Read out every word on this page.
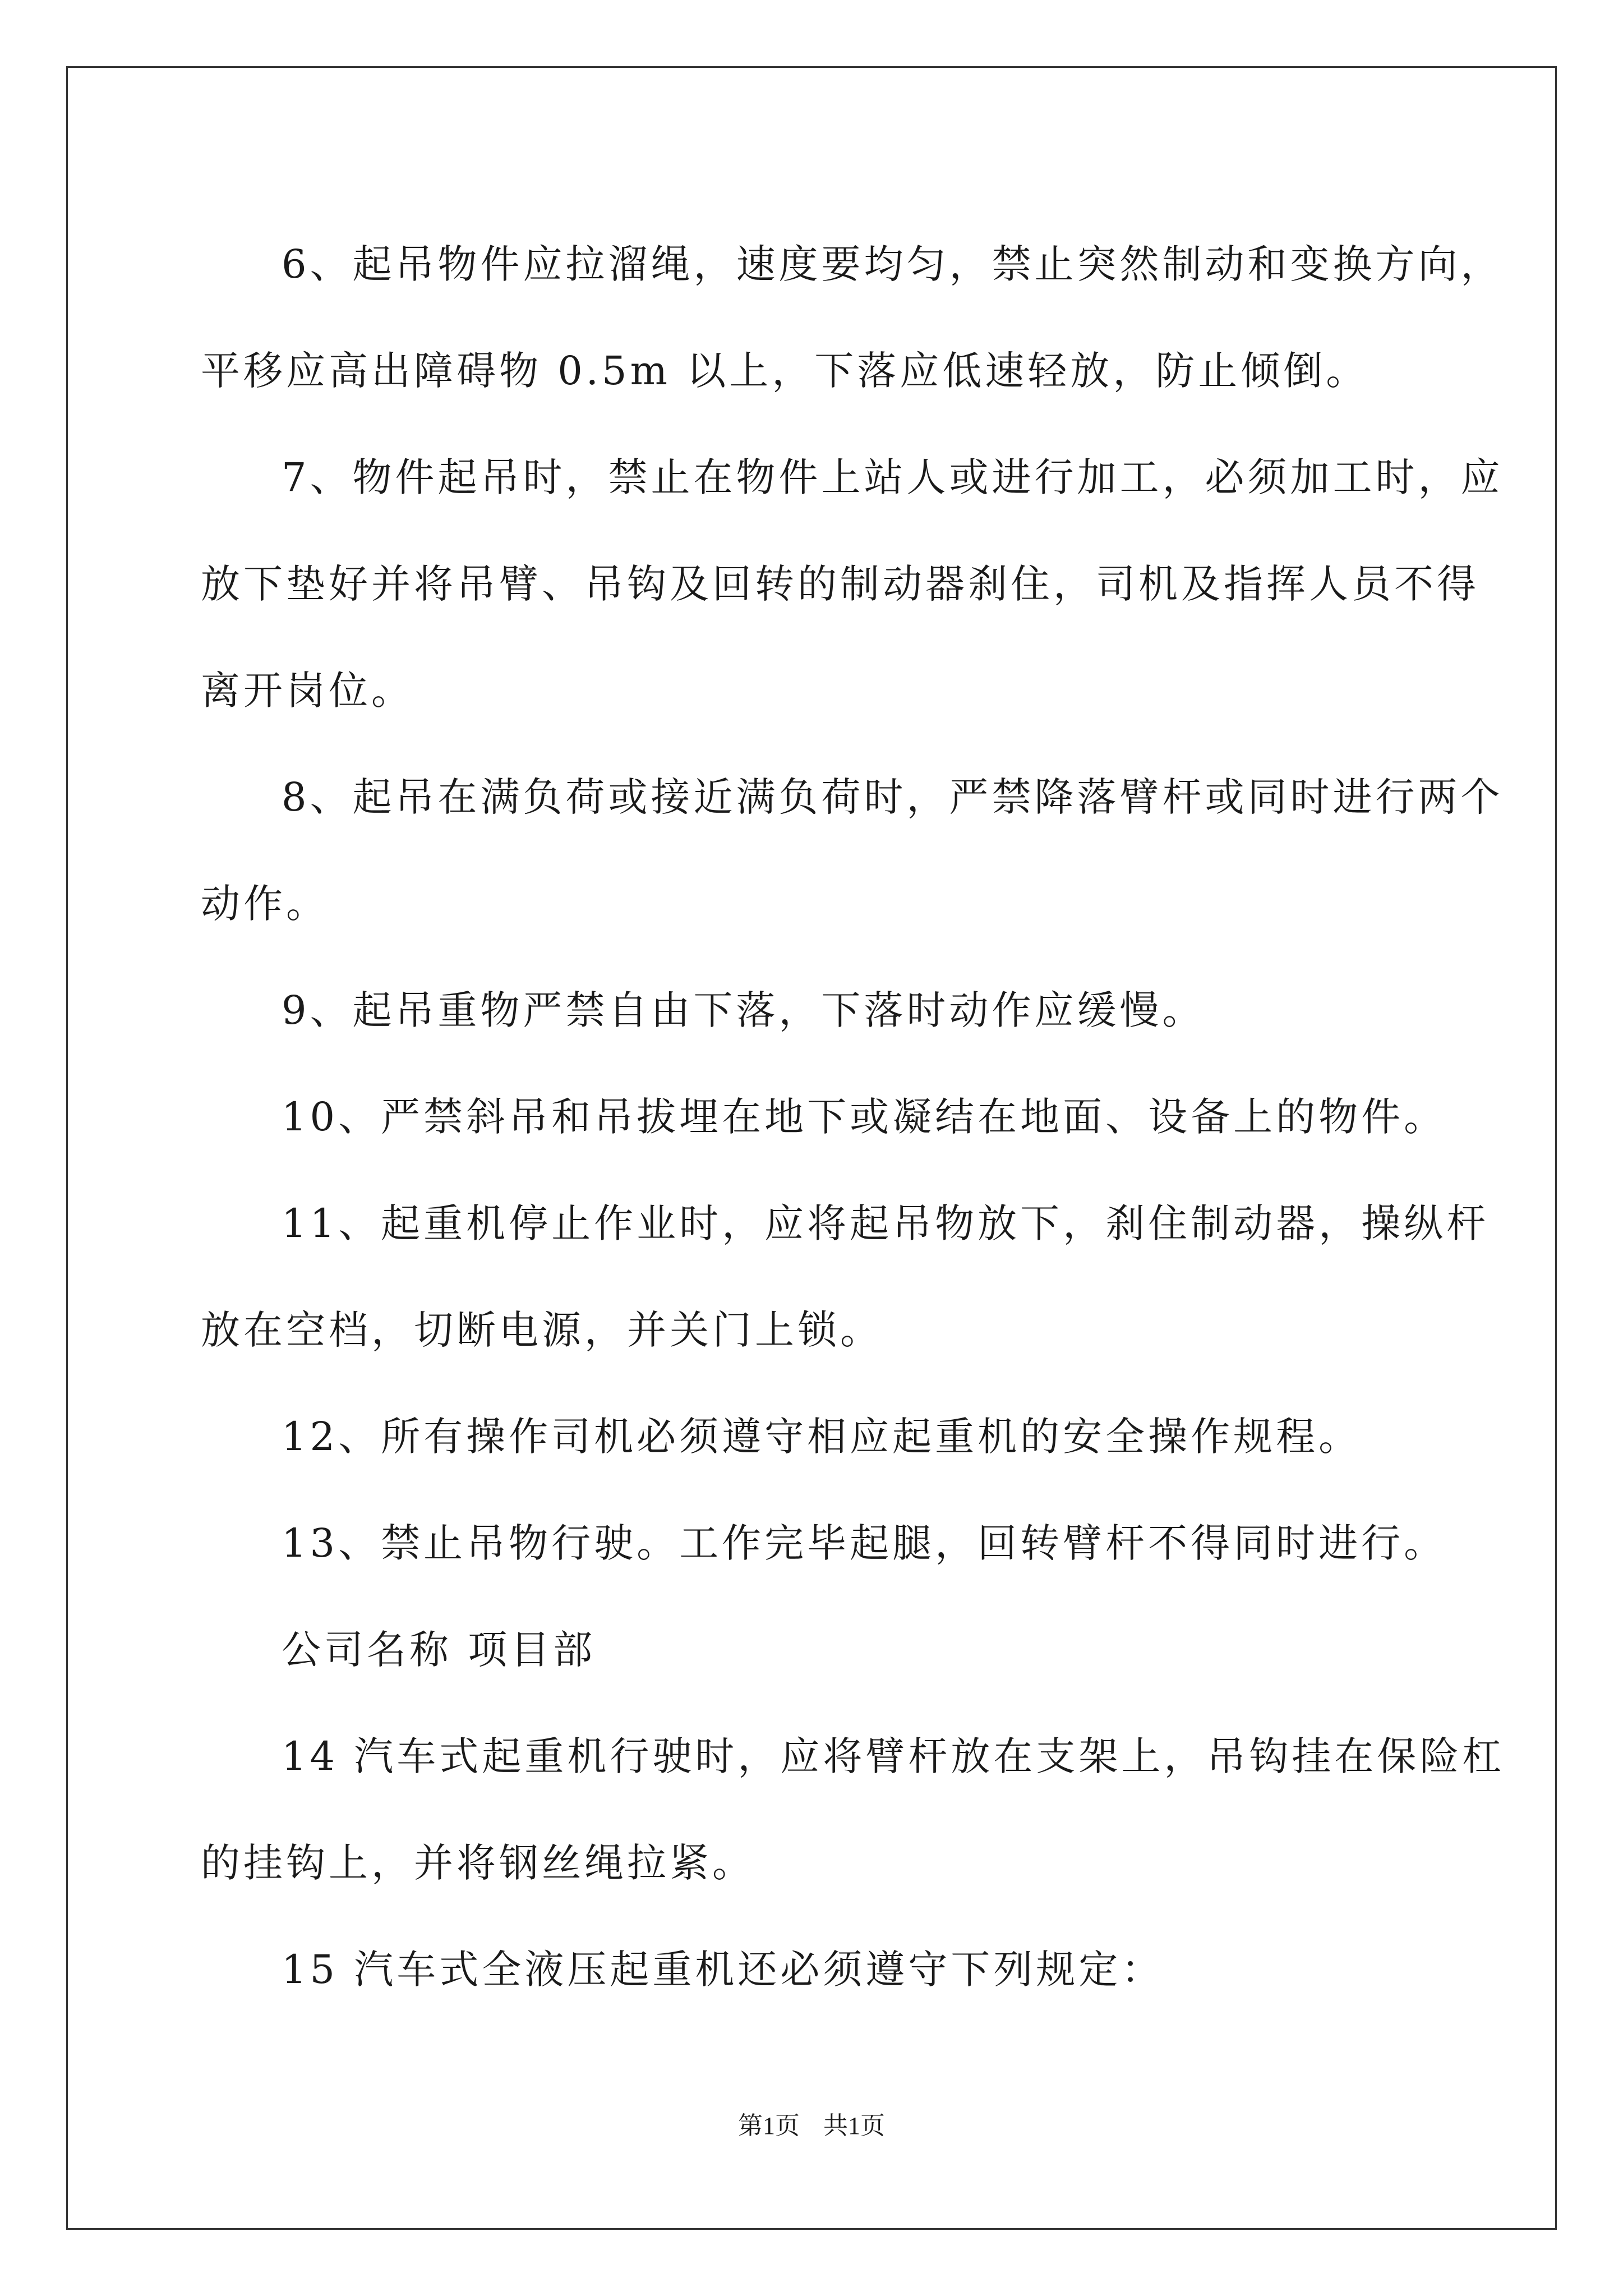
6、起吊物件应拉溜绳，速度要均匀，禁止突然制动和变换方向，

平移应高出障碍物 0.5m 以上，下落应低速轻放，防止倾倒。

7、物件起吊时，禁止在物件上站人或进行加工，必须加工时，应

放下垫好并将吊臂、吊钩及回转的制动器刹住，司机及指挥人员不得

离开岗位。

8、起吊在满负荷或接近满负荷时，严禁降落臂杆或同时进行两个

动作。

9、起吊重物严禁自由下落，下落时动作应缓慢。

10、严禁斜吊和吊拔埋在地下或凝结在地面、设备上的物件。

11、起重机停止作业时，应将起吊物放下，刹住制动器，操纵杆

放在空档，切断电源，并关门上锁。

12、所有操作司机必须遵守相应起重机的安全操作规程。

13、禁止吊物行驶。工作完毕起腿，回转臂杆不得同时进行。

公司名称 项目部

14 汽车式起重机行驶时，应将臂杆放在支架上，吊钩挂在保险杠

的挂钩上，并将钢丝绳拉紧。

15 汽车式全液压起重机还必须遵守下列规定：

第1页 共1页
